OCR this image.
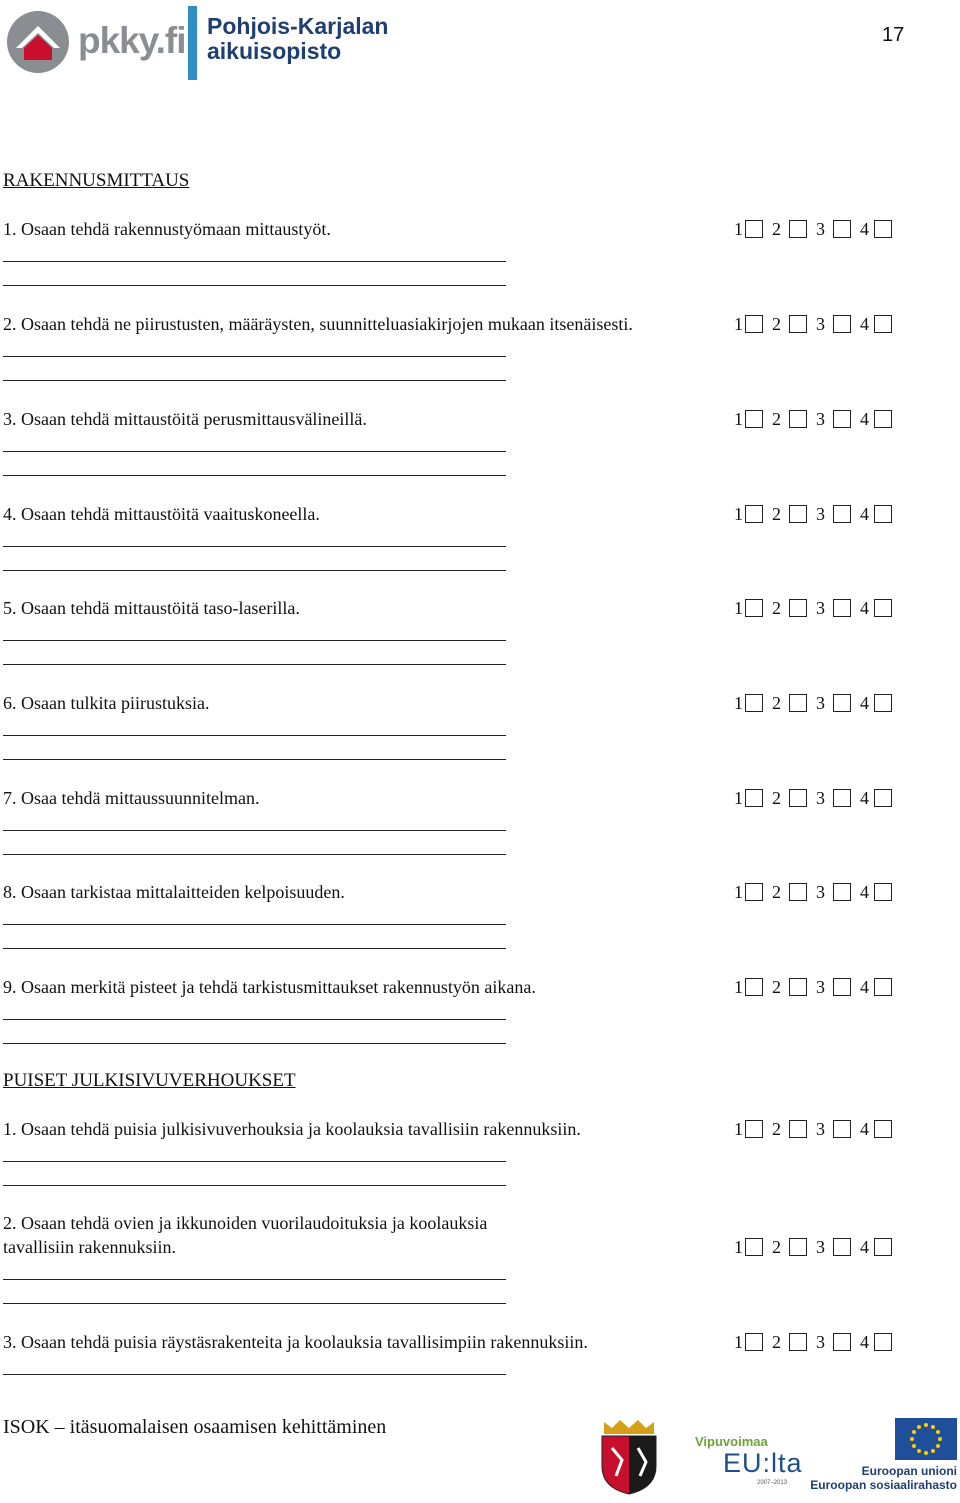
pkky.fi Pohjois-Karjalan
aikuisopisto
17
RAKENNUSMITTAUS
1. Osaan tehdä rakennustyömaan mittaustyöt.	1 2 3 4
2. Osaan tehdä ne piirustusten, määräysten, suunnitteluasiakirjojen mukaan itsenäisesti.	1 2 3 4
3. Osaan tehdä mittaustöitä perusmittausvälineillä.	1 2 3 4
4. Osaan tehdä mittaustöitä vaaituskoneella.	1 2 3 4
5. Osaan tehdä mittaustöitä taso-laserilla.	1 2 3 4
6. Osaan tulkita piirustuksia.	1 2 3 4
7. Osaa tehdä mittaussuunnitelman.	1 2 3 4
8. Osaan tarkistaa mittalaitteiden kelpoisuuden.	1 2 3 4
9. Osaan merkitä pisteet ja tehdä tarkistusmittaukset rakennustyön aikana.	1 2 3 4
PUISET JULKISIVUVERHOUKSET
1. Osaan tehdä puisia julkisivuverhouksia ja koolauksia tavallisiin rakennuksiin.	1 2 3 4
2. Osaan tehdä ovien ja ikkunoiden vuorilaudoituksia ja koolauksia
tavallisiin rakennuksiin.	1 2 3 4
3. Osaan tehdä puisia räystäsrakenteita ja koolauksia tavallisimpiin rakennuksiin.	1 2 3 4
ISOK – itäsuomalaisen osaamisen kehittäminen
Vipuvoimaa
EU:lta
2007–2013
Euroopan unioni
Euroopan sosiaalirahasto
